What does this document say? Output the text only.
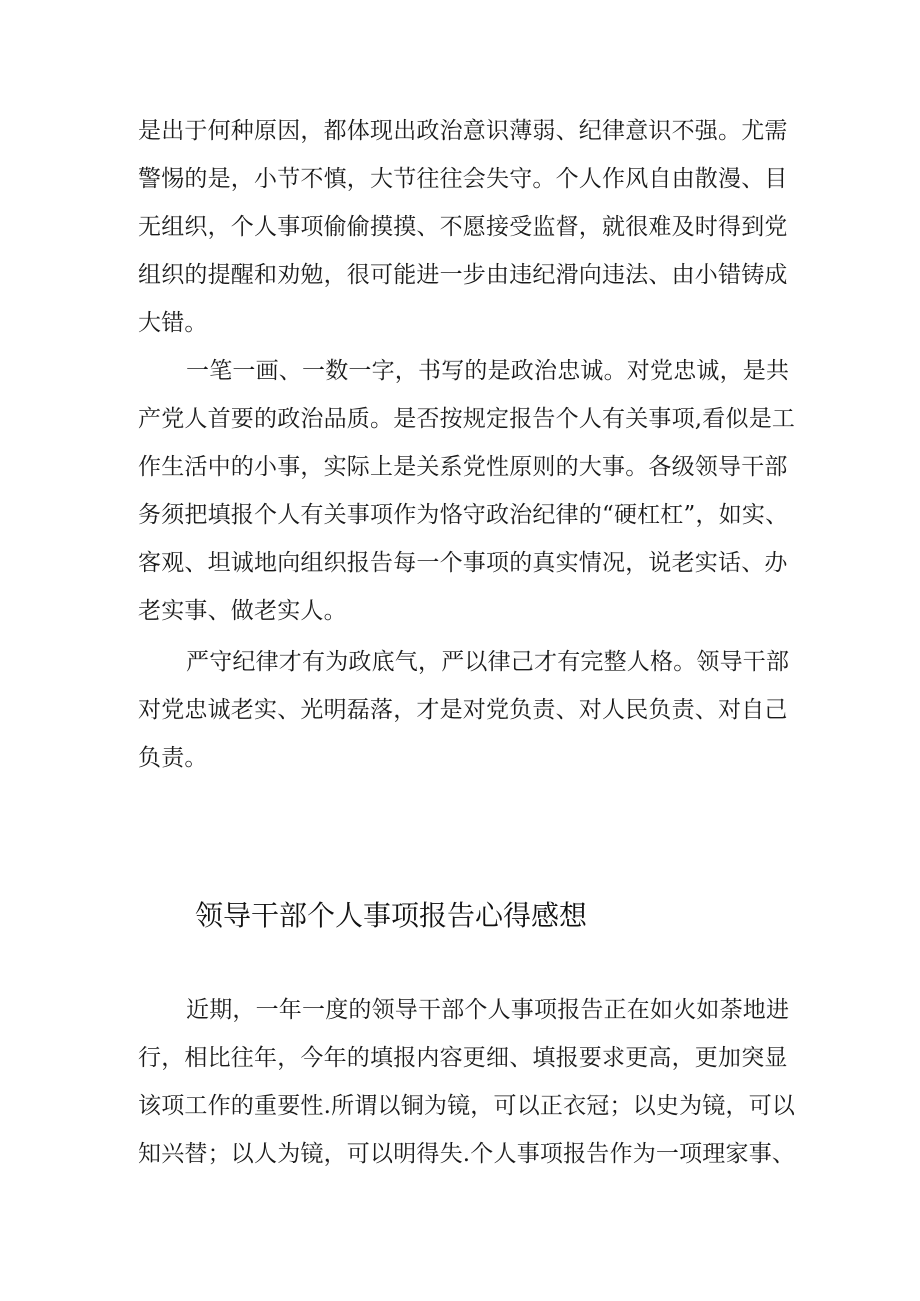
是出于何种原因，都体现出政治意识薄弱、纪律意识不强。尤需
警惕的是，小节不慎，大节往往会失守。个人作风自由散漫、目
无组织，个人事项偷偷摸摸、不愿接受监督，就很难及时得到党
组织的提醒和劝勉，很可能进一步由违纪滑向违法、由小错铸成
大错。
一笔一画、一数一字，书写的是政治忠诚。对党忠诚，是共
产党人首要的政治品质。是否按规定报告个人有关事项,看似是工
作生活中的小事，实际上是关系党性原则的大事。各级领导干部
务须把填报个人有关事项作为恪守政治纪律的“硬杠杠”，如实、
客观、坦诚地向组织报告每一个事项的真实情况，说老实话、办
老实事、做老实人。
严守纪律才有为政底气，严以律己才有完整人格。领导干部
对党忠诚老实、光明磊落，才是对党负责、对人民负责、对自己
负责。
领导干部个人事项报告心得感想
近期，一年一度的领导干部个人事项报告正在如火如荼地进
行，相比往年，今年的填报内容更细、填报要求更高，更加突显
该项工作的重要性.所谓以铜为镜，可以正衣冠；以史为镜，可以
知兴替；以人为镜，可以明得失.个人事项报告作为一项理家事、
